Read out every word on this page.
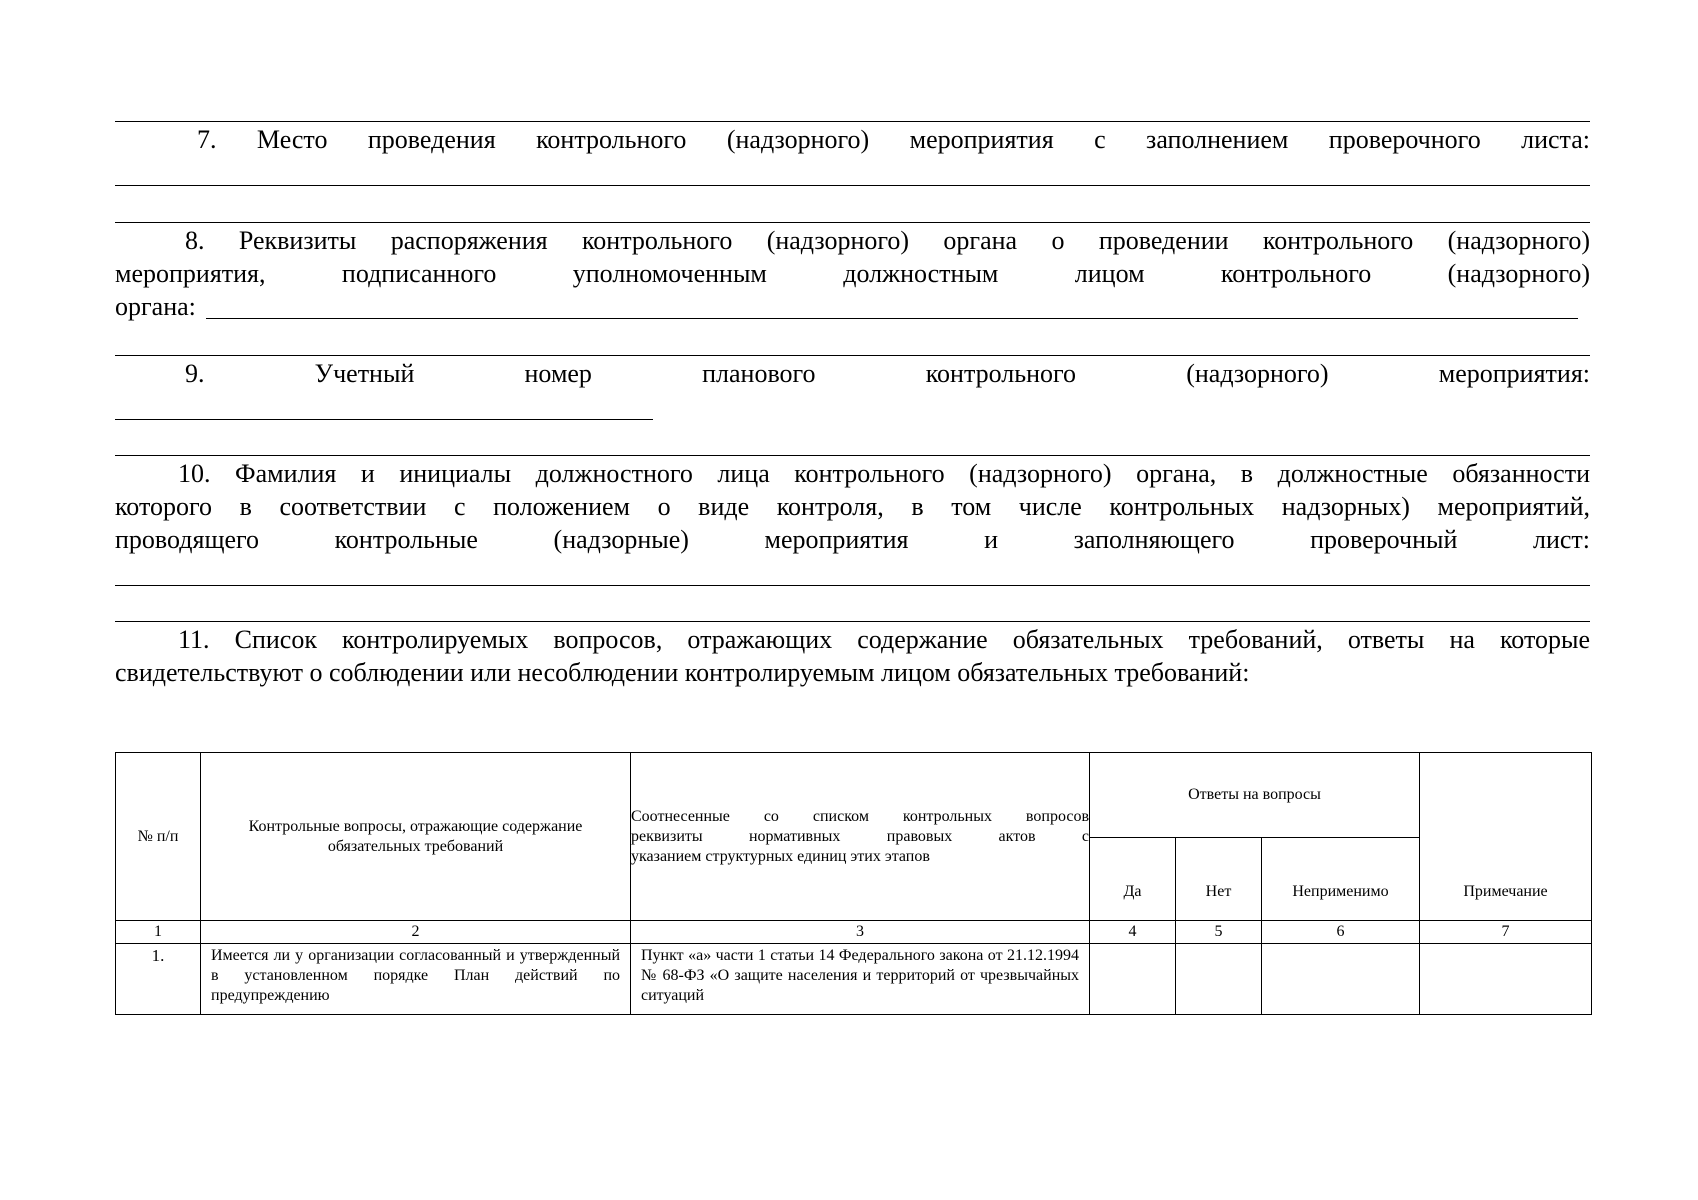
7. Место проведения контрольного (надзорного) мероприятия с заполнением проверочного листа:
8. Реквизиты распоряжения контрольного (надзорного) органа о проведении контрольного (надзорного)
мероприятия, подписанного уполномоченным должностным лицом контрольного (надзорного)
органа:
9. Учетный номер планового контрольного (надзорного) мероприятия:
10. Фамилия и инициалы должностного лица контрольного (надзорного) органа, в должностные обязанности
которого в соответствии с положением о виде контроля, в том числе контрольных надзорных) мероприятий,
проводящего контрольные (надзорные) мероприятия и заполняющего проверочный лист:
11. Список контролируемых вопросов, отражающих содержание обязательных требований, ответы на которые
свидетельствуют о соблюдении или несоблюдении контролируемым лицом обязательных требований:
№ п/п	Контрольные вопросы, отражающие содержание обязательных требований	Соотнесенные со списком контрольных вопросов
реквизиты нормативных правовых актов с
указанием структурных единиц этих этапов	Ответы на вопросы			Примечание
			Да	Нет	Неприменимо	
1	2	3	4	5	6	7

1.	Имеется ли у организации согласованный и утвержденный в установленном порядке План действий по предупреждению	Пункт «а» части 1 статьи 14 Федерального закона от 21.12.1994 № 68-ФЗ «О защите населения и территорий от чрезвычайных ситуаций				
